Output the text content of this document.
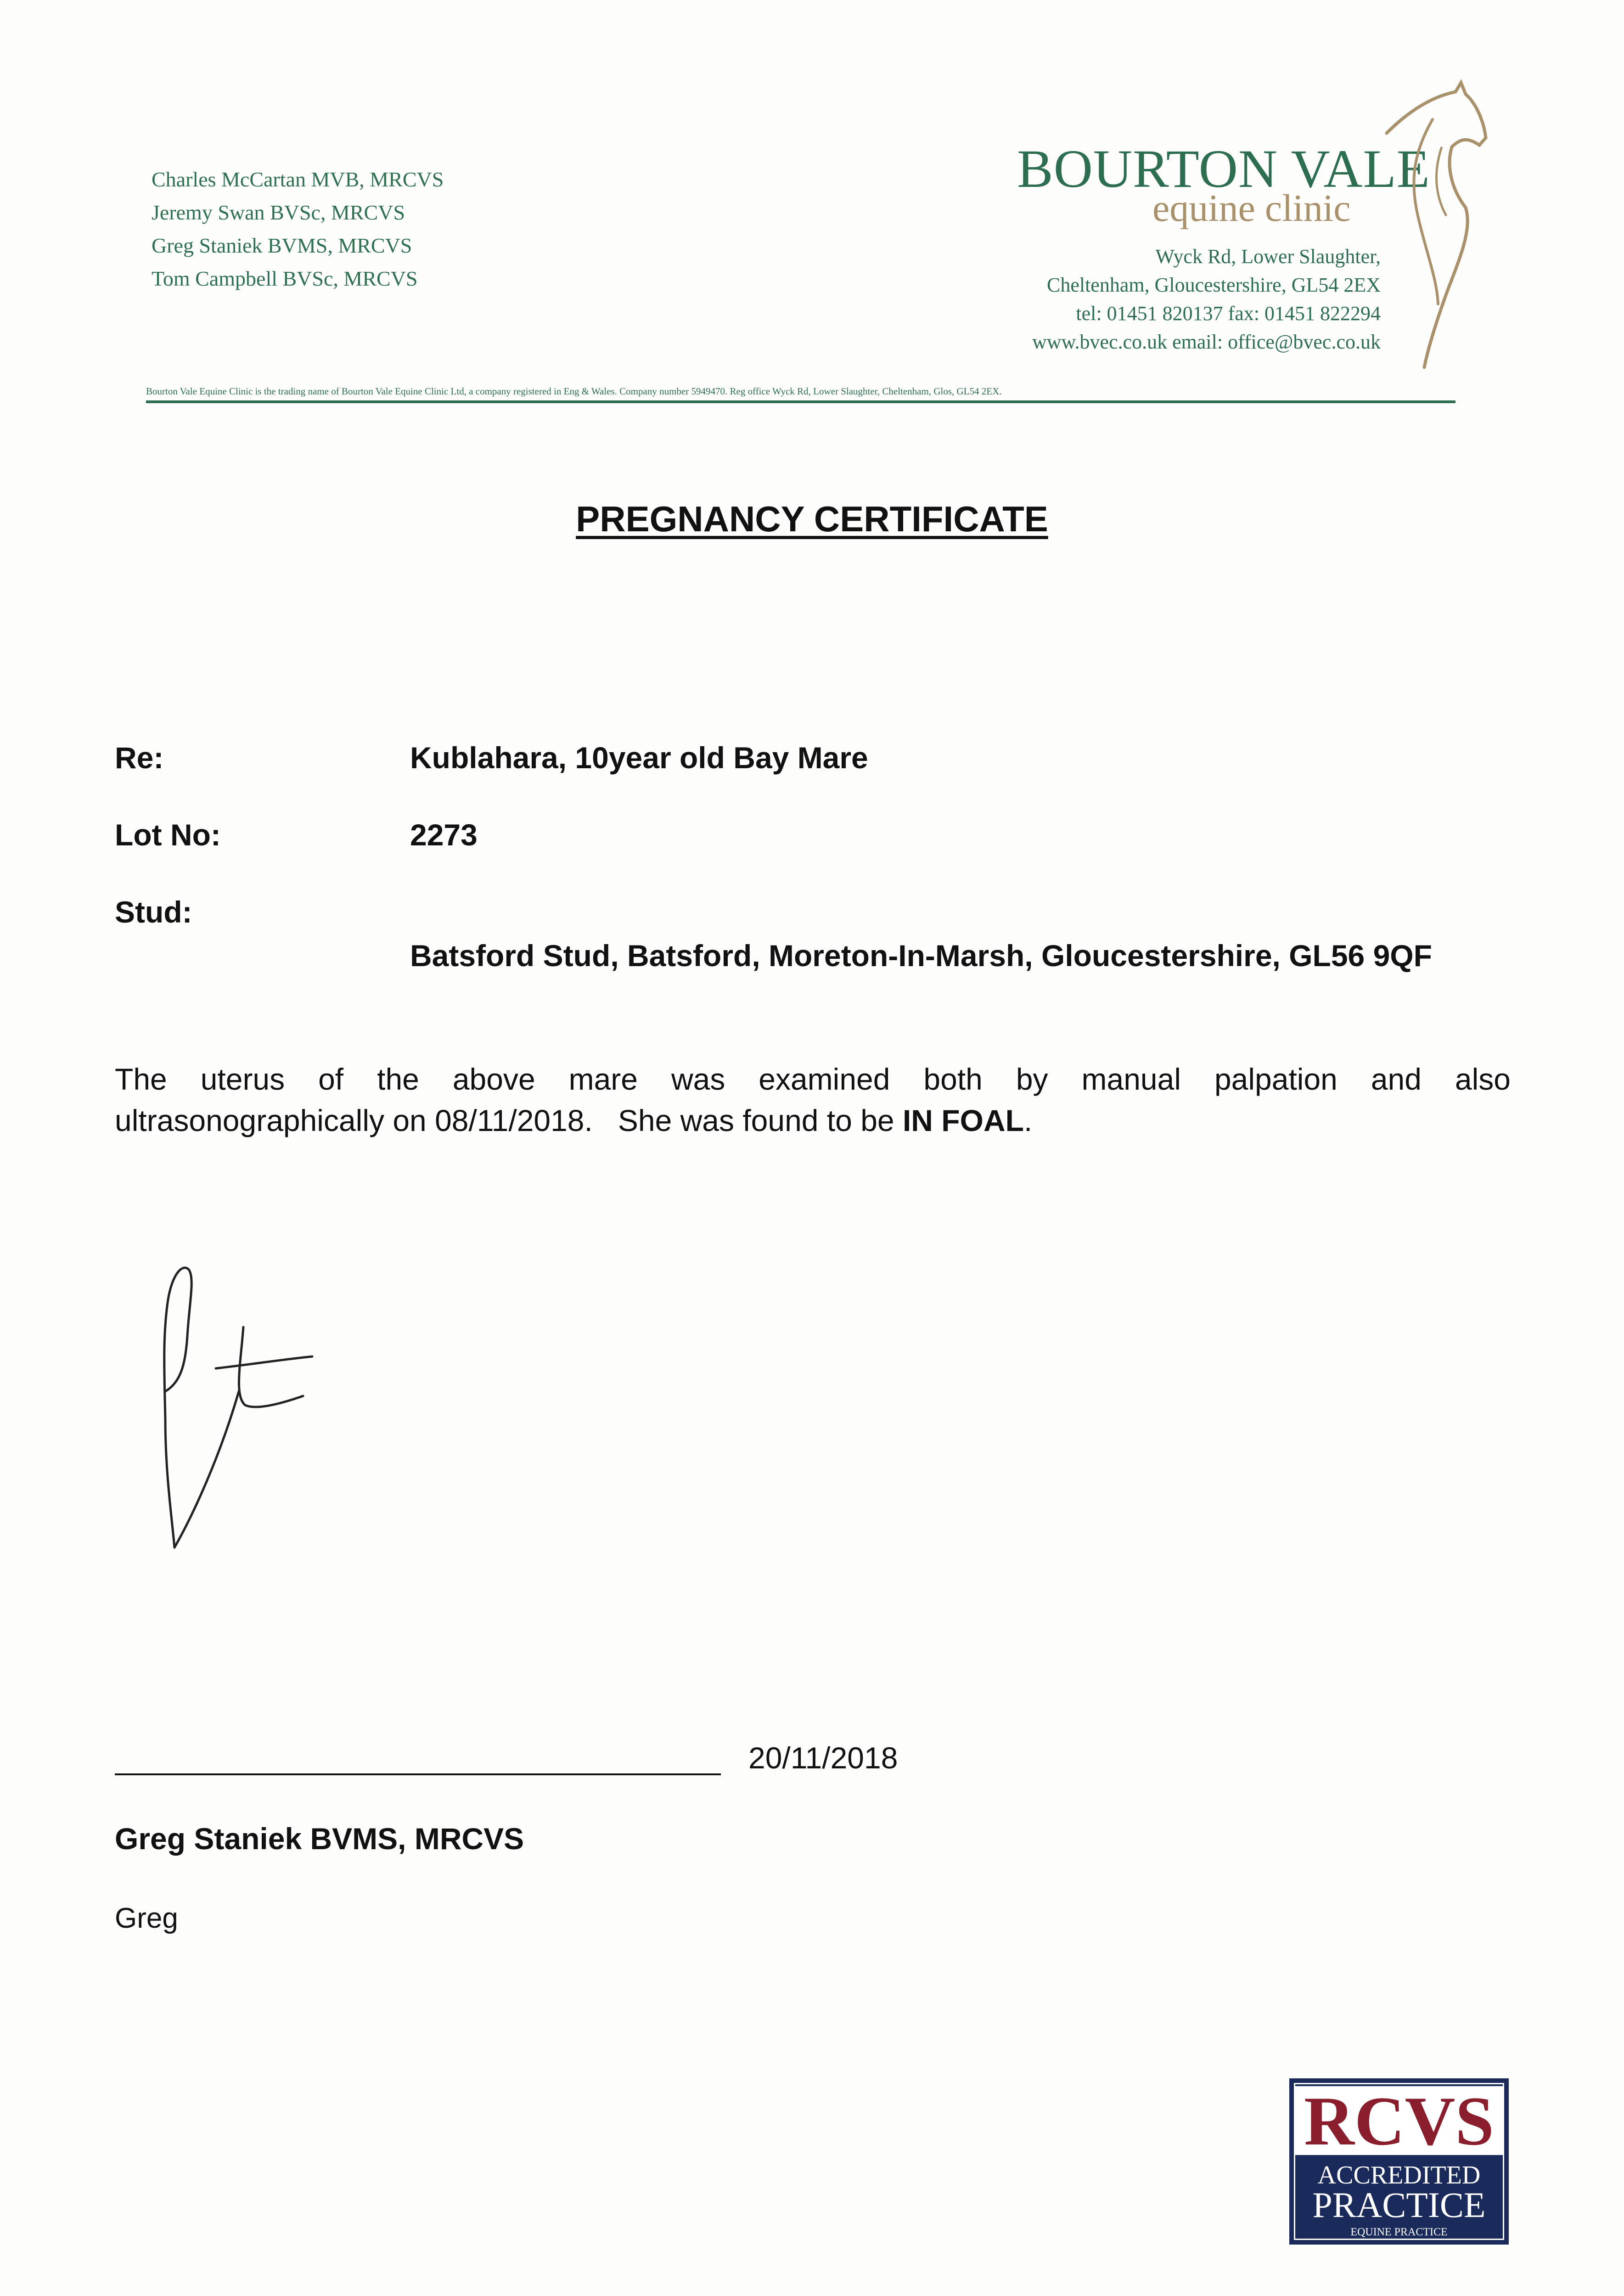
Charles McCartan MVB, MRCVS
Jeremy Swan BVSc, MRCVS
Greg Staniek BVMS, MRCVS
Tom Campbell BVSc, MRCVS
BOURTON VALE
equine clinic
Wyck Rd, Lower Slaughter,
Cheltenham, Gloucestershire, GL54 2EX
tel: 01451 820137 fax: 01451 822294
www.bvec.co.uk email: office@bvec.co.uk
Bourton Vale Equine Clinic is the trading name of Bourton Vale Equine Clinic Ltd, a company registered in Eng & Wales. Company number 5949470. Reg office Wyck Rd, Lower Slaughter, Cheltenham, Glos, GL54 2EX.
PREGNANCY CERTIFICATE
Re:	Kublahara, 10year old Bay Mare
Lot No:	2273
Stud:
Batsford Stud, Batsford, Moreton-In-Marsh, Gloucestershire, GL56 9QF
The uterus of the above mare was examined both by manual palpation and also
ultrasonographically on 08/11/2018.   She was found to be IN FOAL.
20/11/2018
Greg Staniek BVMS, MRCVS
Greg
RCVS
ACCREDITED
PRACTICE
EQUINE PRACTICE
